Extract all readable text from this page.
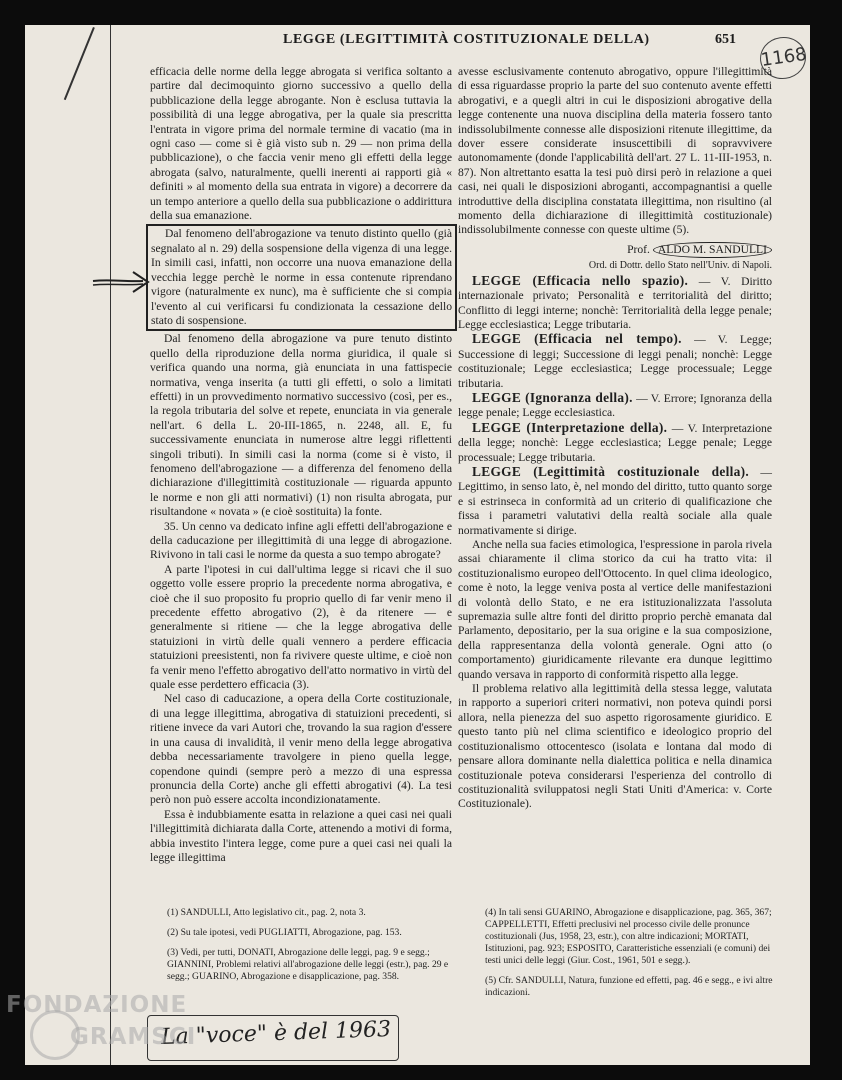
LEGGE (LEGITTIMITÀ COSTITUZIONALE DELLA)	651
1168

efficacia delle norme della legge abrogata si verifica soltanto a partire dal decimoquinto giorno successivo a quello della pubblicazione della legge abrogante. Non è esclusa tuttavia la possibilità di una legge abrogativa, per la quale sia prescritta l'entrata in vigore prima del normale termine di vacatio (ma in ogni caso — come si è già visto sub n. 29 — non prima della pubblicazione), o che faccia venir meno gli effetti della legge abrogata (salvo, naturalmente, quelli inerenti ai rapporti già « definiti » al momento della sua entrata in vigore) a decorrere da un tempo anteriore a quello della sua pubblicazione o addirittura della sua emanazione.

Dal fenomeno dell'abrogazione va tenuto distinto quello (già segnalato al n. 29) della sospensione della vigenza di una legge. In simili casi, infatti, non occorre una nuova emanazione della vecchia legge perchè le norme in essa contenute riprendano vigore (naturalmente ex nunc), ma è sufficiente che si compia l'evento al cui verificarsi fu condizionata la cessazione dello stato di sospensione.

Dal fenomeno della abrogazione va pure tenuto distinto quello della riproduzione della norma giuridica, il quale si verifica quando una norma, già enunciata in una fattispecie normativa, venga inserita (a tutti gli effetti, o solo a limitati effetti) in un provvedimento normativo successivo (così, per es., la regola tributaria del solve et repete, enunciata in via generale nell'art. 6 della L. 20-III-1865, n. 2248, all. E, fu successivamente enunciata in numerose altre leggi riflettenti singoli tributi). In simili casi la norma (come si è visto, il fenomeno dell'abrogazione — a differenza del fenomeno della dichiarazione d'illegittimità costituzionale — riguarda appunto le norme e non gli atti normativi) (1) non risulta abrogata, pur risultandone « novata » (e cioè sostituita) la fonte.

35. Un cenno va dedicato infine agli effetti dell'abrogazione e della caducazione per illegittimità di una legge di abrogazione. Rivivono in tali casi le norme da questa a suo tempo abrogate?

A parte l'ipotesi in cui dall'ultima legge si ricavi che il suo oggetto volle essere proprio la precedente norma abrogativa, e cioè che il suo proposito fu proprio quello di far venir meno il precedente effetto abrogativo (2), è da ritenere — e generalmente si ritiene — che la legge abrogativa delle statuizioni in virtù delle quali vennero a perdere efficacia statuizioni preesistenti, non fa rivivere queste ultime, e cioè non fa venir meno l'effetto abrogativo dell'atto normativo in virtù del quale esse perdettero efficacia (3).

Nel caso di caducazione, a opera della Corte costituzionale, di una legge illegittima, abrogativa di statuizioni precedenti, si ritiene invece da vari Autori che, trovando la sua ragion d'essere in una causa di invalidità, il venir meno della legge abrogativa debba necessariamente travolgere in pieno quella legge, copendone quindi (sempre però a mezzo di una espressa pronuncia della Corte) anche gli effetti abrogativi (4). La tesi però non può essere accolta incondizionatamente.

Essa è indubbiamente esatta in relazione a quei casi nei quali l'illegittimità dichiarata dalla Corte, attenendo a motivi di forma, abbia investito l'intera legge, come pure a quei casi nei quali la legge illegittima

avesse esclusivamente contenuto abrogativo, oppure l'illegittimità di essa riguardasse proprio la parte del suo contenuto avente effetti abrogativi, e a quegli altri in cui le disposizioni abrogative della legge contenente una nuova disciplina della materia fossero tanto indissolubilmente connesse alle disposizioni ritenute illegittime, da dover essere considerate insuscettibili di sopravvivere autonomamente (donde l'applicabilità dell'art. 27 L. 11-III-1953, n. 87). Non altrettanto esatta la tesi può dirsi però in relazione a quei casi, nei quali le disposizioni abroganti, accompagnantisi a quelle introduttive della disciplina constatata illegittima, non risultino (al momento della dichiarazione di illegittimità costituzionale) indissolubilmente connesse con queste ultime (5).

Prof. ALDO M. SANDULLI
Ord. di Dottr. dello Stato nell'Univ. di Napoli.

LEGGE (Efficacia nello spazio). — V. Diritto internazionale privato; Personalità e territorialità del diritto; Conflitto di leggi interne; nonchè: Territorialità della legge penale; Legge ecclesiastica; Legge tributaria.

LEGGE (Efficacia nel tempo). — V. Legge; Successione di leggi; Successione di leggi penali; nonchè: Legge costituzionale; Legge ecclesiastica; Legge processuale; Legge tributaria.

LEGGE (Ignoranza della). — V. Errore; Ignoranza della legge penale; Legge ecclesiastica.

LEGGE (Interpretazione della). — V. Interpretazione della legge; nonchè: Legge ecclesiastica; Legge penale; Legge processuale; Legge tributaria.

LEGGE (Legittimità costituzionale della). — Legittimo, in senso lato, è, nel mondo del diritto, tutto quanto sorge e si estrinseca in conformità ad un criterio di qualificazione che fissa i parametri valutativi della realtà sociale alla quale normativamente si dirige.

Anche nella sua facies etimologica, l'espressione in parola rivela assai chiaramente il clima storico da cui ha tratto vita: il costituzionalismo europeo dell'Ottocento. In quel clima ideologico, come è noto, la legge veniva posta al vertice delle manifestazioni di volontà dello Stato, e ne era istituzionalizzata l'assoluta supremazia sulle altre fonti del diritto proprio perchè emanata dal Parlamento, depositario, per la sua origine e la sua composizione, della rappresentanza della volontà generale. Ogni atto (o comportamento) giuridicamente rilevante era dunque legittimo quando versava in rapporto di conformità rispetto alla legge.

Il problema relativo alla legittimità della stessa legge, valutata in rapporto a superiori criteri normativi, non poteva quindi porsi allora, nella pienezza del suo aspetto rigorosamente giuridico. E questo tanto più nel clima scientifico e ideologico proprio del costituzionalismo ottocentesco (isolata e lontana dal modo di pensare allora dominante nella dialettica politica e nella dinamica costituzionale poteva considerarsi l'esperienza del controllo di costituzionalità sviluppatosi negli Stati Uniti d'America: v. Corte Costituzionale).

(1) SANDULLI, Atto legislativo cit., pag. 2, nota 3.

(2) Su tale ipotesi, vedi PUGLIATTI, Abrogazione, pag. 153.

(3) Vedi, per tutti, DONATI, Abrogazione delle leggi, pag. 9 e segg.; GIANNINI, Problemi relativi all'abrogazione delle leggi (estr.), pag. 29 e segg.; GUARINO, Abrogazione e disapplicazione, pag. 358.

(4) In tali sensi GUARINO, Abrogazione e disapplicazione, pag. 365, 367; CAPPELLETTI, Effetti preclusivi nel processo civile delle pronunce costituzionali (Jus, 1958, 23, estr.), con altre indicazioni; MORTATI, Istituzioni, pag. 923; ESPOSITO, Caratteristiche essenziali (e comuni) dei testi unici delle leggi (Giur. Cost., 1961, 501 e segg.).

(5) Cfr. SANDULLI, Natura, funzione ed effetti, pag. 46 e segg., e ivi altre indicazioni.

La "voce" è del 1963
FONDAZIONE
GRAMSCI
